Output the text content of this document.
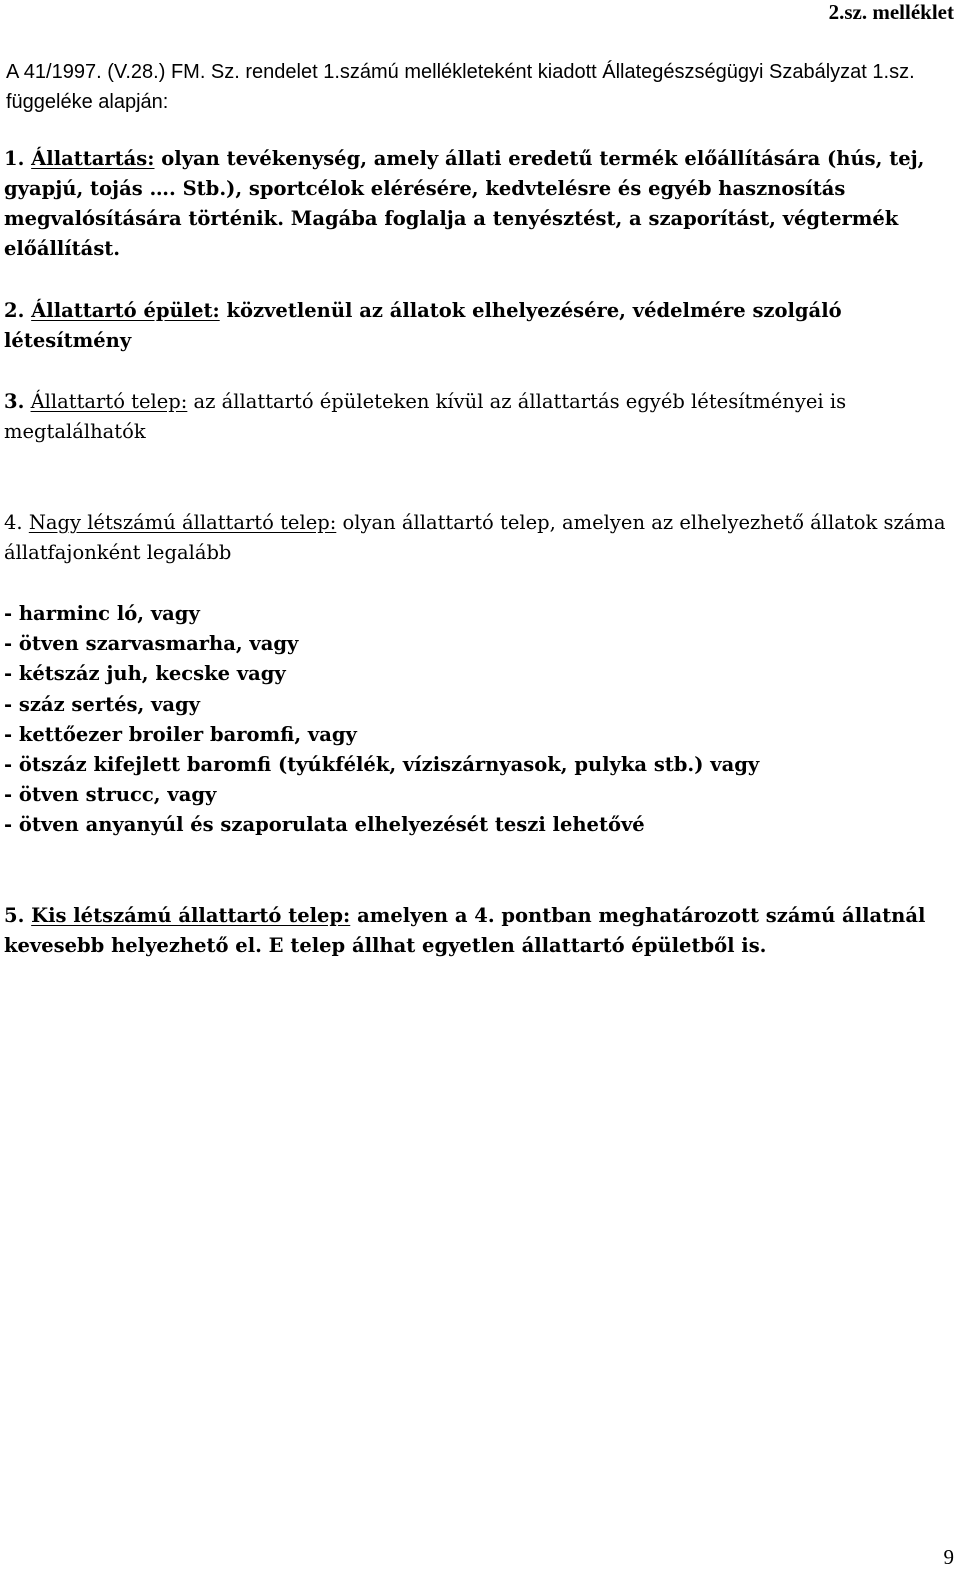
2.sz. melléklet
A 41/1997. (V.28.) FM. Sz. rendelet 1.számú mellékleteként kiadott Állategészségügyi Szabályzat 1.sz. függeléke alapján:
1. Állattartás: olyan tevékenység, amely állati eredetű termék előállítására (hús, tej, gyapjú, tojás …. Stb.), sportcélok elérésére, kedvtelésre és egyéb hasznosítás megvalósítására történik. Magába foglalja a tenyésztést, a szaporítást, végtermék előállítást.
2. Állattartó épület: közvetlenül az állatok elhelyezésére, védelmére szolgáló létesítmény
3. Állattartó telep: az állattartó épületeken kívül az állattartás egyéb létesítményei is megtalálhatók
4. Nagy létszámú állattartó telep: olyan állattartó telep, amelyen az elhelyezhető állatok száma állatfajonként legalább
- harminc ló, vagy
- ötven szarvasmarha, vagy
- kétszáz juh, kecske vagy
- száz sertés, vagy
- kettőezer broiler baromfi, vagy
- ötszáz kifejlett baromfi (tyúkfélék, víziszárnyasok, pulyka stb.) vagy
- ötven strucc, vagy
- ötven anyanyúl és szaporulata elhelyezését teszi lehetővé
5. Kis létszámú állattartó telep: amelyen a 4. pontban meghatározott számú állatnál kevesebb helyezhető el. E telep állhat egyetlen állattartó épületből is.
9
